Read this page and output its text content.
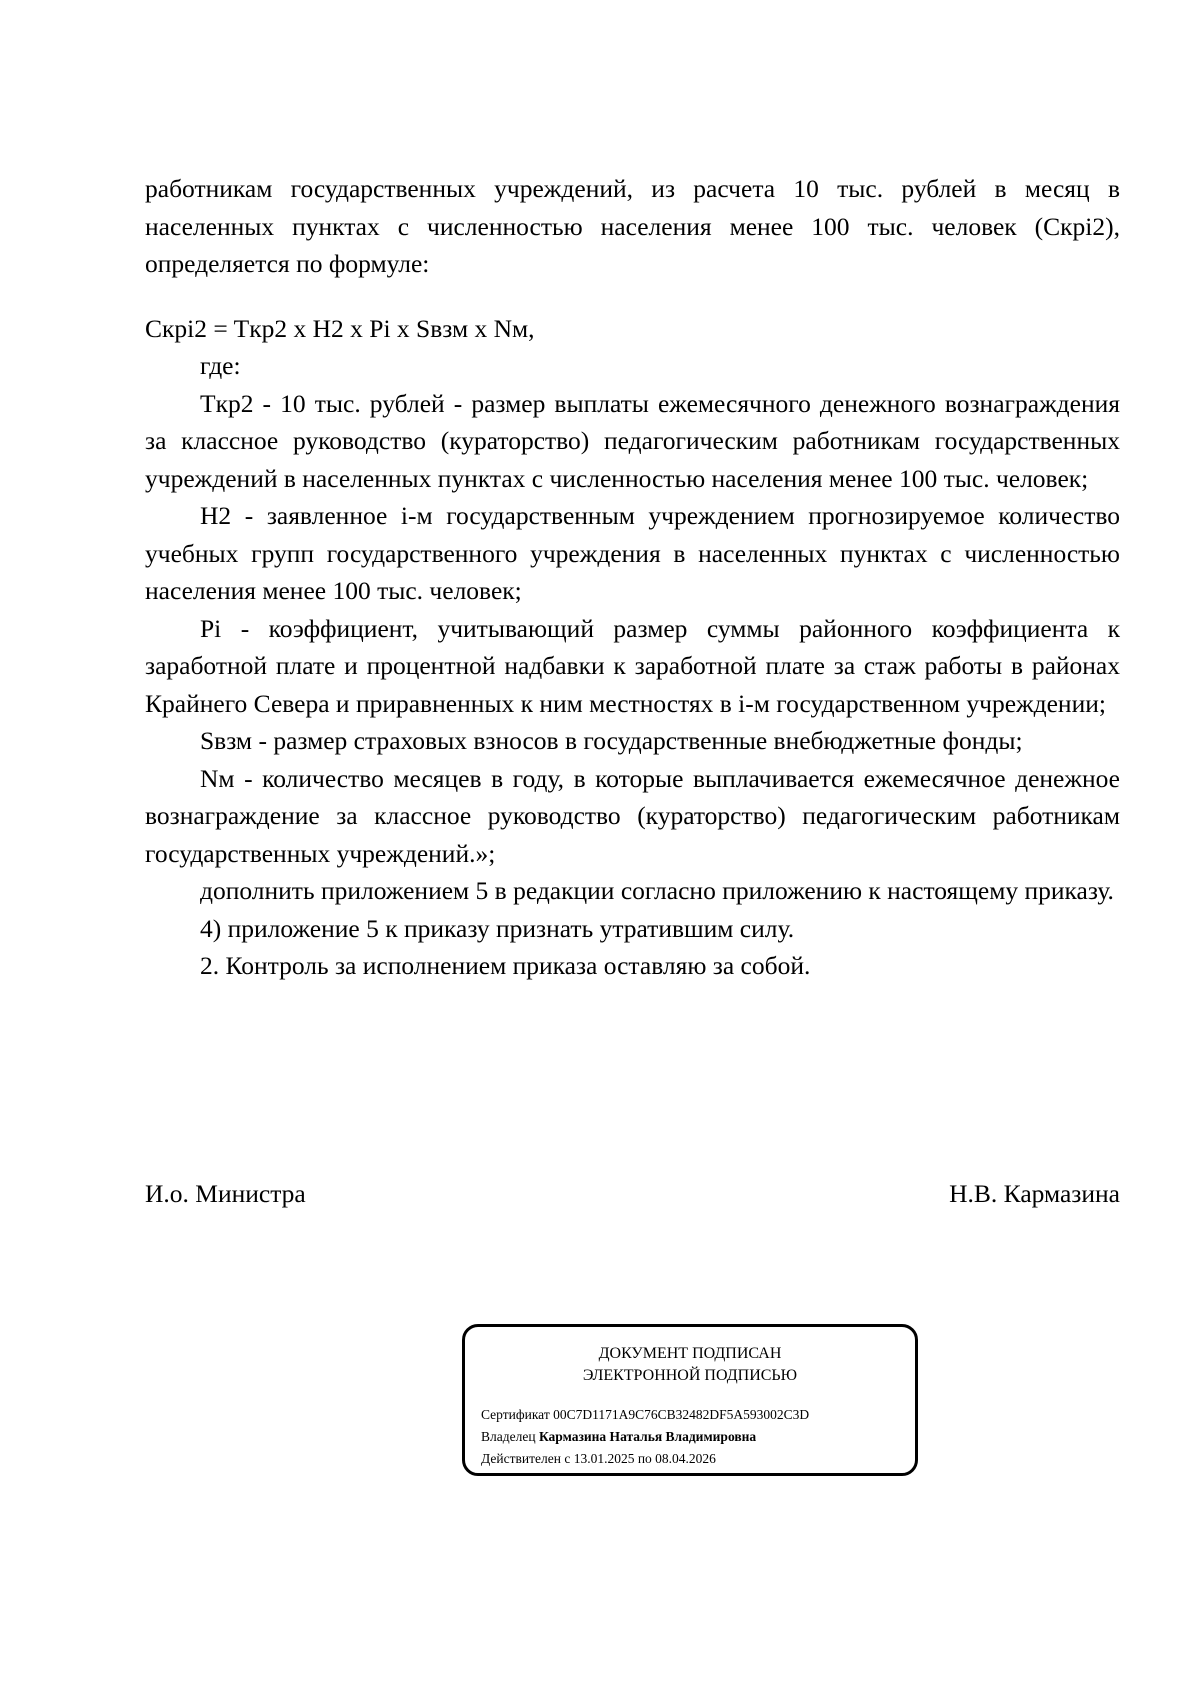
работникам государственных учреждений, из расчета 10 тыс. рублей в месяц в населенных пунктах с численностью населения менее 100 тыс. человек (Cкрi2), определяется по формуле:

Cкрi2 = Tкр2 x H2 x Pi x Sвзм x Nм,

где:

Tкр2 - 10 тыс. рублей - размер выплаты ежемесячного денежного вознаграждения за классное руководство (кураторство) педагогическим работникам государственных учреждений в населенных пунктах с численностью населения менее 100 тыс. человек;

H2 - заявленное i-м государственным учреждением прогнозируемое количество учебных групп государственного учреждения в населенных пунктах с численностью населения менее 100 тыс. человек;

Pi - коэффициент, учитывающий размер суммы районного коэффициента к заработной плате и процентной надбавки к заработной плате за стаж работы в районах Крайнего Севера и приравненных к ним местностях в i-м государственном учреждении;

Sвзм - размер страховых взносов в государственные внебюджетные фонды;

Nм - количество месяцев в году, в которые выплачивается ежемесячное денежное вознаграждение за классное руководство (кураторство) педагогическим работникам государственных учреждений.»;

дополнить приложением 5 в редакции согласно приложению к настоящему приказу.

4) приложение 5 к приказу признать утратившим силу.

2. Контроль за исполнением приказа оставляю за собой.

И.о. Министра	Н.В. Кармазина
ДОКУМЕНТ ПОДПИСАН
ЭЛЕКТРОННОЙ ПОДПИСЬЮ
Сертификат 00C7D1171A9C76CB32482DF5A593002C3D
Владелец Кармазина Наталья Владимировна
Действителен с 13.01.2025 по 08.04.2026
